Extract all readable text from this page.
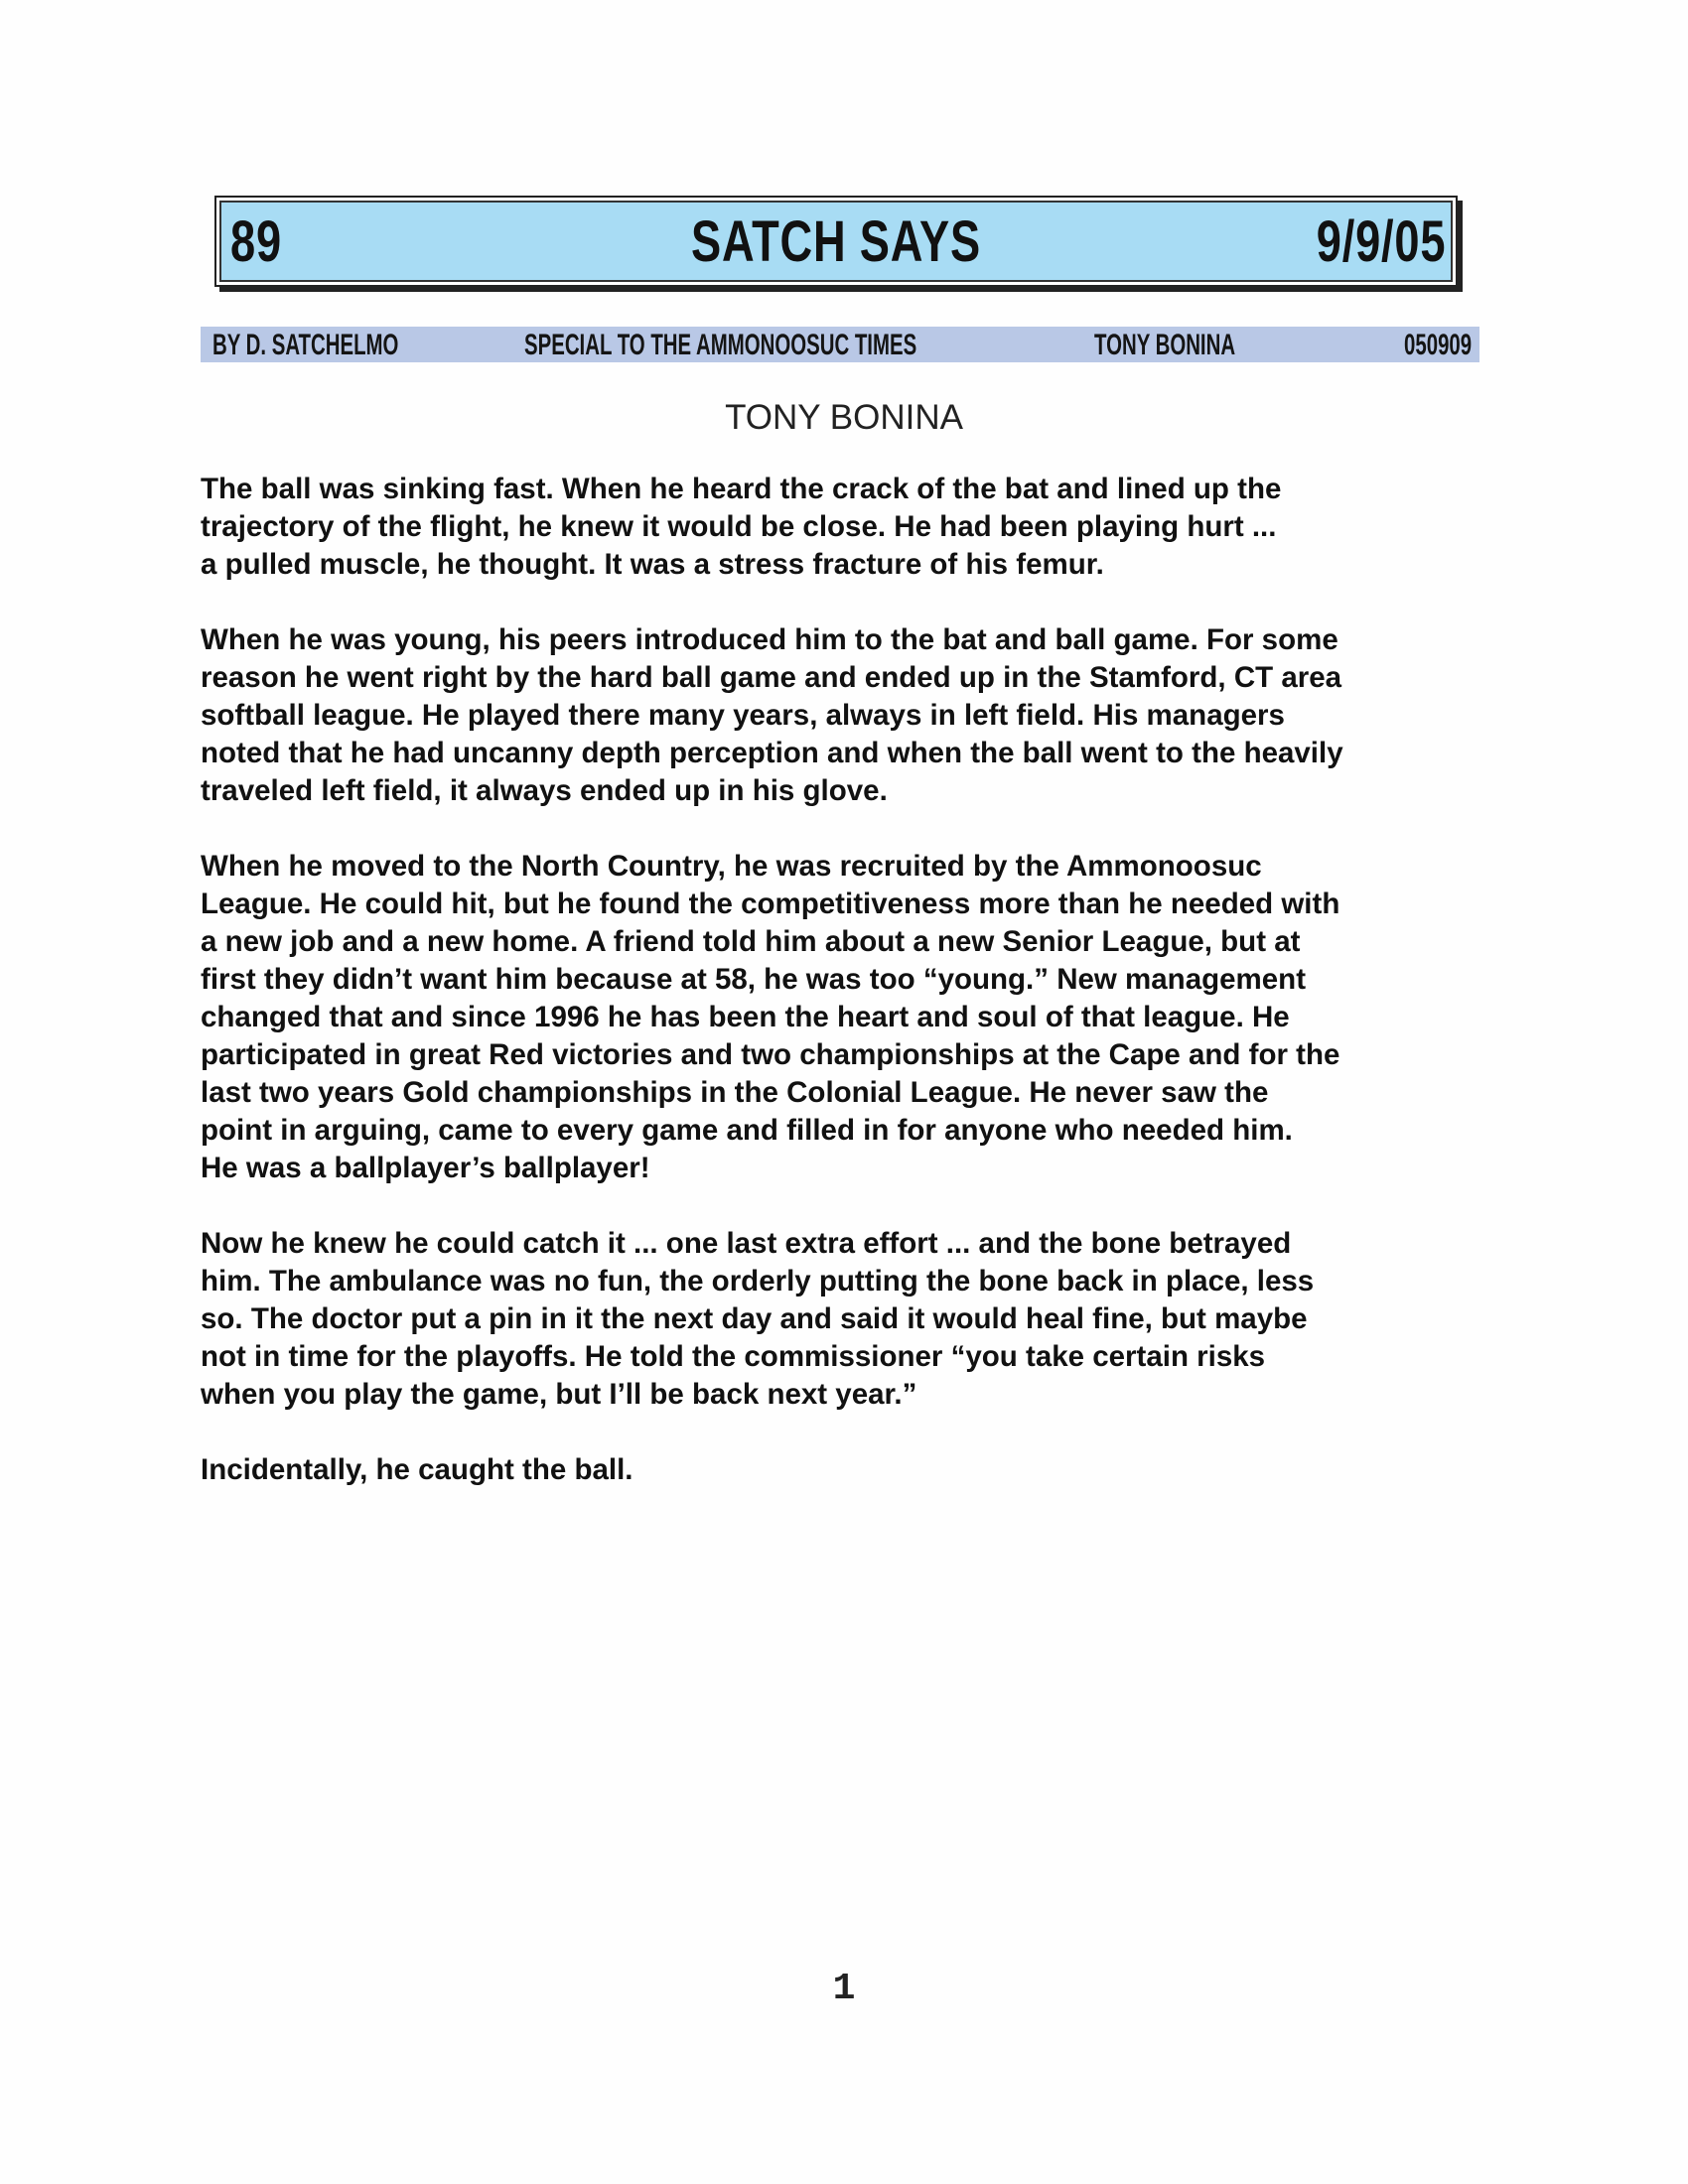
89	SATCH SAYS	9/9/05
BY D. SATCHELMO	SPECIAL TO THE AMMONOOSUC TIMES	TONY BONINA	050909
TONY BONINA

The ball was sinking fast. When he heard the crack of the bat and lined up the
trajectory of the flight, he knew it would be close. He had been playing hurt ...
a pulled muscle, he thought. It was a stress fracture of his femur.

When he was young, his peers introduced him to the bat and ball game. For some
reason he went right by the hard ball game and ended up in the Stamford, CT area
softball league. He played there many years, always in left field. His managers
noted that he had uncanny depth perception and when the ball went to the heavily
traveled left field, it always ended up in his glove.

When he moved to the North Country, he was recruited by the Ammonoosuc
League. He could hit, but he found the competitiveness more than he needed with
a new job and a new home. A friend told him about a new Senior League, but at
first they didn’t want him because at 58, he was too “young.” New management
changed that and since 1996 he has been the heart and soul of that league. He
participated in great Red victories and two championships at the Cape and for the
last two years Gold championships in the Colonial League. He never saw the
point in arguing, came to every game and filled in for anyone who needed him.
He was a ballplayer’s ballplayer!

Now he knew he could catch it ... one last extra effort ... and the bone betrayed
him. The ambulance was no fun, the orderly putting the bone back in place, less
so. The doctor put a pin in it the next day and said it would heal fine, but maybe
not in time for the playoffs. He told the commissioner “you take certain risks
when you play the game, but I’ll be back next year.”

Incidentally, he caught the ball.

1
